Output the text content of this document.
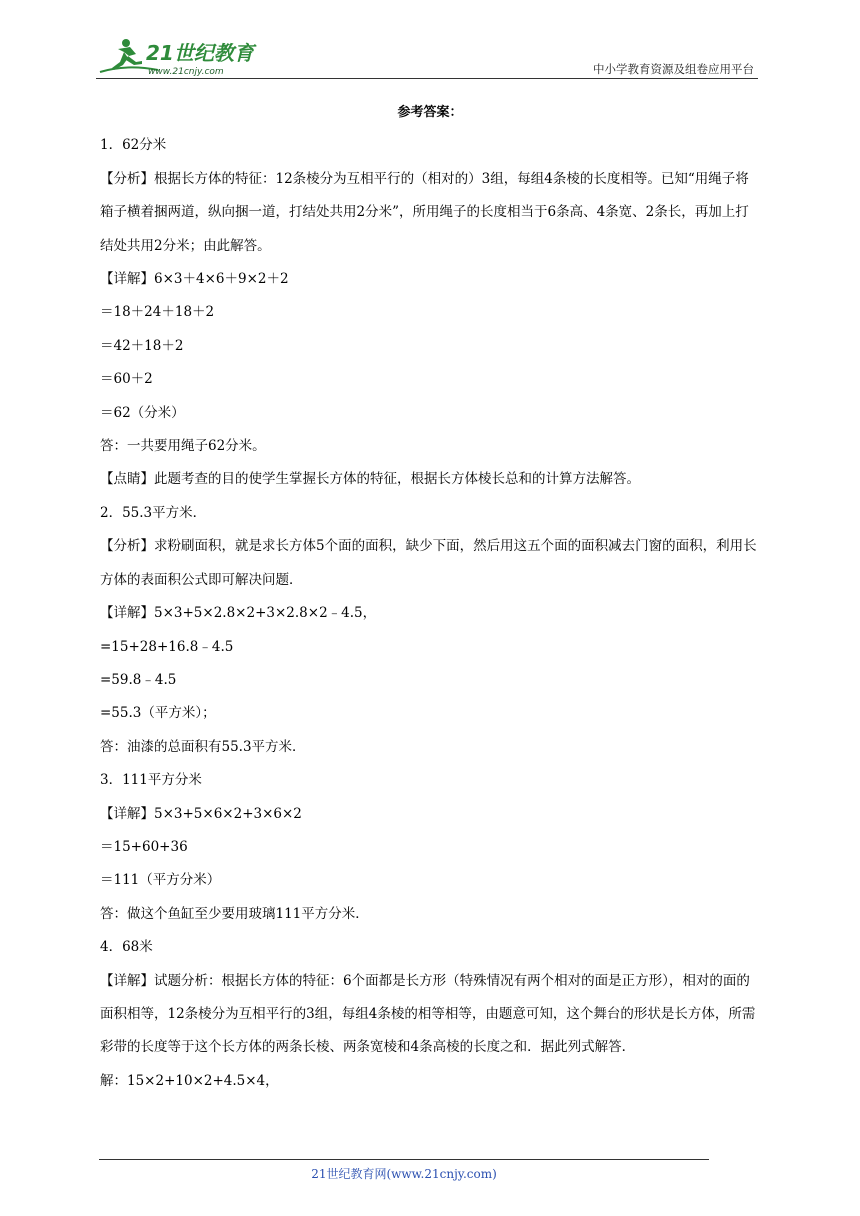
21世纪教育
www.21cnjy.com	中小学教育资源及组卷应用平台

参考答案：

1．62分米

【分析】根据长方体的特征：12条棱分为互相平行的（相对的）3组，每组4条棱的长度相等。已知“用绳子将箱子横着捆两道，纵向捆一道，打结处共用2分米”，所用绳子的长度相当于6条高、4条宽、2条长，再加上打结处共用2分米；由此解答。

【详解】6×3＋4×6＋9×2＋2

＝18＋24＋18＋2

＝42＋18＋2

＝60＋2

＝62（分米）

答：一共要用绳子62分米。

【点睛】此题考查的目的使学生掌握长方体的特征，根据长方体棱长总和的计算方法解答。

2．55.3平方米．

【分析】求粉刷面积，就是求长方体5个面的面积，缺少下面，然后用这五个面的面积减去门窗的面积，利用长方体的表面积公式即可解决问题．

【详解】5×3+5×2.8×2+3×2.8×2﹣4.5，

=15+28+16.8﹣4.5

=59.8﹣4.5

=55.3（平方米）；

答：油漆的总面积有55.3平方米．

3．111平方分米

【详解】5×3+5×6×2+3×6×2

＝15+60+36

＝111（平方分米）

答：做这个鱼缸至少要用玻璃111平方分米．

4．68米

【详解】试题分析：根据长方体的特征：6个面都是长方形（特殊情况有两个相对的面是正方形），相对的面的面积相等，12条棱分为互相平行的3组，每组4条棱的相等相等，由题意可知，这个舞台的形状是长方体，所需彩带的长度等于这个长方体的两条长棱、两条宽棱和4条高棱的长度之和．据此列式解答．

解：15×2+10×2+4.5×4，

21世纪教育网(www.21cnjy.com)
